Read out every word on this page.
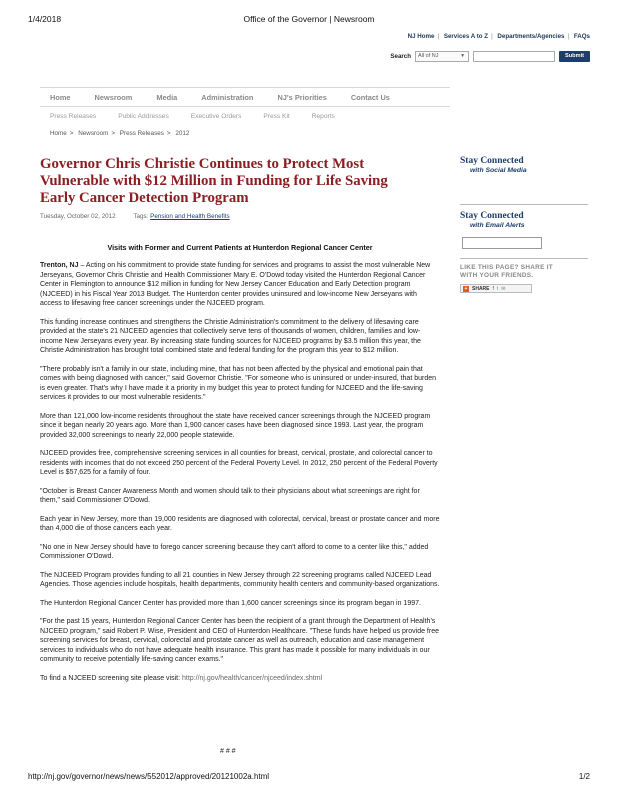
1/4/2018	Office of the Governor | Newsroom
NJ Home | Services A to Z | Departments/Agencies | FAQs
Search	All of NJ	▼	Submit
Home	Newsroom	Media	Administration	NJ's Priorities	Contact Us
Press Releases	Public Addresses	Executive Orders	Press Kit	Reports
Home > Newsroom > Press Releases > 2012
Governor Chris Christie Continues to Protect Most Vulnerable with $12 Million in Funding for Life Saving Early Cancer Detection Program
Tuesday, October 02, 2012	Tags: Pension and Health Benefits
Visits with Former and Current Patients at Hunterdon Regional Cancer Center

Trenton, NJ – Acting on his commitment to provide state funding for services and programs to assist the most vulnerable New Jerseyans, Governor Chris Christie and Health Commissioner Mary E. O'Dowd today visited the Hunterdon Regional Cancer Center in Flemington to announce $12 million in funding for New Jersey Cancer Education and Early Detection program (NJCEED) in his Fiscal Year 2013 Budget. The Hunterdon center provides uninsured and low-income New Jerseyans with access to lifesaving free cancer screenings under the NJCEED program.

This funding increase continues and strengthens the Christie Administration's commitment to the delivery of lifesaving care provided at the state's 21 NJCEED agencies that collectively serve tens of thousands of women, children, families and low-income New Jerseyans every year. By increasing state funding sources for NJCEED programs by $3.5 million this year, the Christie Administration has brought total combined state and federal funding for the program this year to $12 million.

"There probably isn't a family in our state, including mine, that has not been affected by the physical and emotional pain that comes with being diagnosed with cancer," said Governor Christie. "For someone who is uninsured or under-insured, that burden is even greater. That's why I have made it a priority in my budget this year to protect funding for NJCEED and the life-saving services it provides to our most vulnerable residents."

More than 121,000 low-income residents throughout the state have received cancer screenings through the NJCEED program since it began nearly 20 years ago. More than 1,900 cancer cases have been diagnosed since 1993. Last year, the program provided 32,000 screenings to nearly 22,000 people statewide.

NJCEED provides free, comprehensive screening services in all counties for breast, cervical, prostate, and colorectal cancer to residents with incomes that do not exceed 250 percent of the Federal Poverty Level. In 2012, 250 percent of the Federal Poverty Level is $57,625 for a family of four.

"October is Breast Cancer Awareness Month and women should talk to their physicians about what screenings are right for them," said Commissioner O'Dowd.

Each year in New Jersey, more than 19,000 residents are diagnosed with colorectal, cervical, breast or prostate cancer and more than 4,000 die of those cancers each year.

"No one in New Jersey should have to forego cancer screening because they can't afford to come to a center like this," added Commissioner O'Dowd.

The NJCEED Program provides funding to all 21 counties in New Jersey through 22 screening programs called NJCEED Lead Agencies. Those agencies include hospitals, health departments, community health centers and community-based organizations.

The Hunterdon Regional Cancer Center has provided more than 1,600 cancer screenings since its program began in 1997.

"For the past 15 years, Hunterdon Regional Cancer Center has been the recipient of a grant through the Department of Health's NJCEED program," said Robert P. Wise, President and CEO of Hunterdon Healthcare. "These funds have helped us provide free screening services for breast, cervical, colorectal and prostate cancer as well as outreach, education and case management services to individuals who do not have adequate health insurance. This grant has made it possible for many individuals in our community to receive potentially life-saving cancer exams."

To find a NJCEED screening site please visit: http://nj.gov/health/cancer/njceed/index.shtml

# # #
Stay Connected
with Social Media
Stay Connected
with Email Alerts
LIKE THIS PAGE? SHARE IT
WITH YOUR FRIENDS.
+ SHARE f t ✉
http://nj.gov/governor/news/news/552012/approved/20121002a.html	1/2
